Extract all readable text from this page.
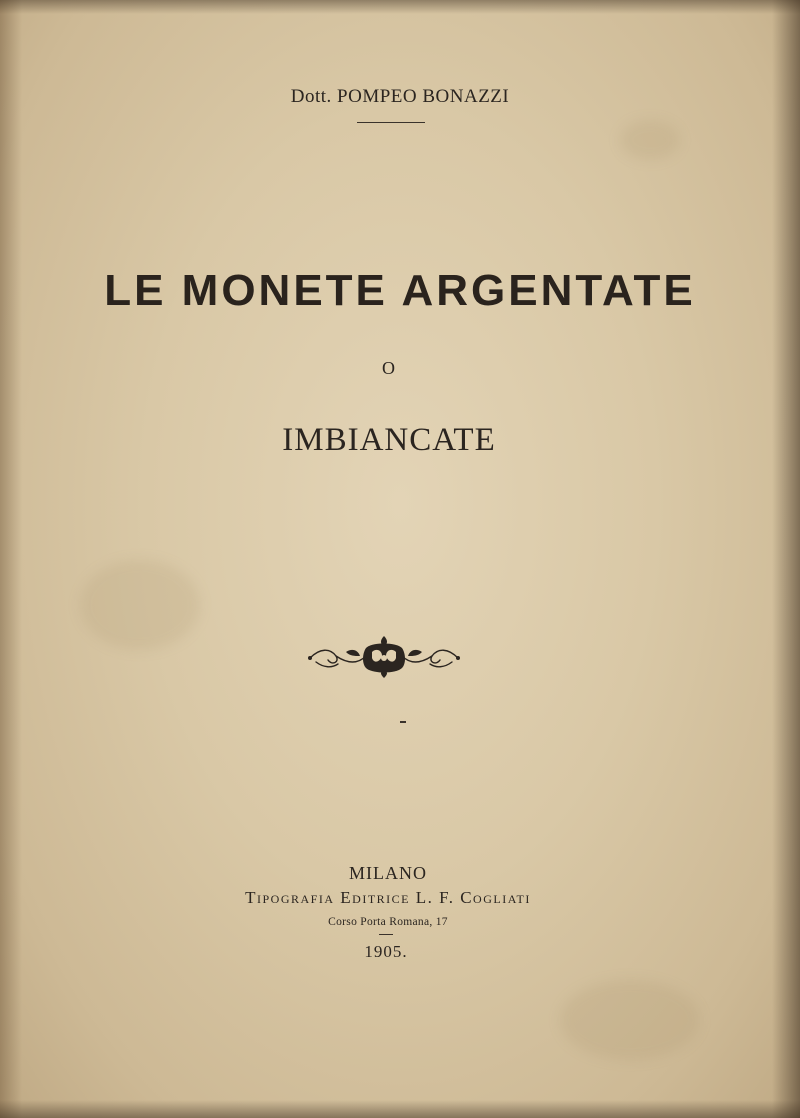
Dott. POMPEO BONAZZI
LE MONETE ARGENTATE
O
IMBIANCATE
MILANO
Tipografia Editrice L. F. Cogliati
Corso Porta Romana, 17
1905.
